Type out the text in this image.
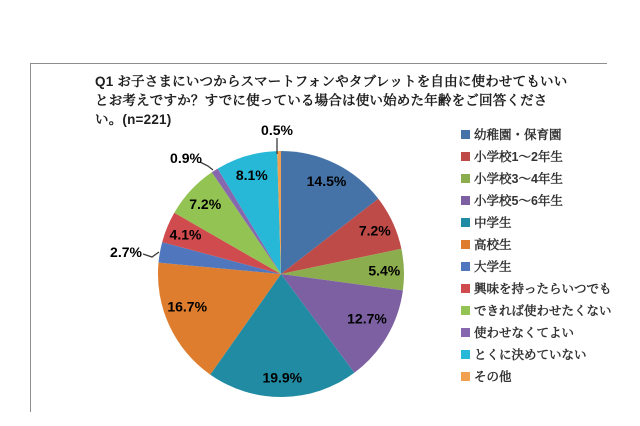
Q1 お子さまにいつからスマートフォンやタブレットを自由に使わせてもいい
とお考えですか？すでに使っている場合は使い始めた年齢をご回答くださ
い。(n=221)
14.5%
7.2%
5.4%
12.7%
19.9%
16.7%
2.7%
4.1%
7.2%
0.9%
8.1%
0.5%	幼稚園・保育園
小学校1～2年生
小学校3～4年生
小学校5～6年生
中学生
高校生
大学生
興味を持ったらいつでも
できれば使わせたくない
使わせなくてよい
とくに決めていない
その他
